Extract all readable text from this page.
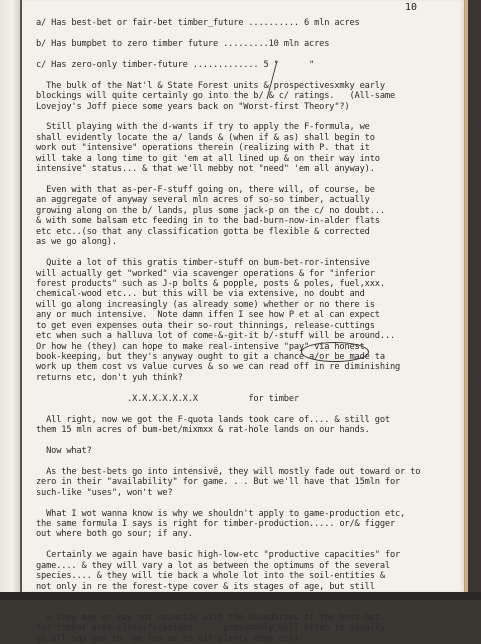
10
a/ Has best-bet or fair-bet timber_future .......... 6 mln acres
b/ Has bumpbet to zero timber future .........10 mln acres
c/ Has zero-only timber-future ............. 5 "      "
The bulk of the Nat'l & State Forest units & prospectivesxmky early
blockings will quite certainly go into the b/ & c/ ratings.   (All-same
Lovejoy's Joff piece some years back on "Worst-first Theory"?)
Still playing with the d-wants if try to apply the F-formula, we
shall evidently locate the a/ lands & (when if & as) shall begin to
work out "intensive" operations therein (realizing with P. that it
will take a long time to git 'em at all lined up & on their way into
intensive" status... & that we'll mebby not "need" 'em all anyway).
Even with that as-per-F-stuff going on, there will, of course, be
an aggregate of anyway several mln acres of so-so timber, actually
growing along on the b/ lands, plus some jack-p on the c/ no doubt...
& with some balsam etc feeding in to the bad-burn-now-in-alder flats
etc etc..(so that any classification gotta be flexible & corrected
as we go along).
Quite a lot of this gratis timber-stuff on bum-bet-ror-intensive
will actually get "worked" via scavenger operations & for "inferior
forest products" such as J-p bolts & popple, posts & poles, fuel,xxx.
chemical-wood etc... but this will be via extensive, no doubt and
will go along increasingly (as already some) whether or no there is
any or much intensive.  Note damn iffen I see how P et al can expect
to get even expenses outa their so-rout thinnings, release-cuttings
etc when such a halluva lot of come-&-git-it b/-stuff will be around...
Or how he (they) can hope to make real-intensive "pay" via honest
book-keeping, but they's anyway ought to git a chance a/or be made ta
work up them cost vs value curves & so we can read off in re diminishing
returns etc, don't yuh think?
.X.X.X.X.X.X.X          for timber
All right, now we got the F-quota lands took care of.... & still got
them 15 mln acres of bum-bet/mixmxx & rat-hole lands on our hands.
Now what?
As the best-bets go into intensivë, they will mostly fade out toward or to
zero in their "availability" for game. . . But we'll have that 15mln for
such-like "uses", won't we?
What I wot wanna know is why we shouldn't apply to game-production etc,
the same formula I says is right for timber-production..... or/& figger
out where both go sour; if any.
Certainly we again have basic high-low-etc "productive capacities" for
game.... & they will vary a lot as between the optimums of the several
species.... & they will tie back a whole lot into the soil-entities &
not only in re the forest-type cover & its stages of age, but still
& they may or may not coincide with the boundaries of the best-bet-
for-timber area-classifications .... presumably will often to usually
go all sqa-gee to 'em (so as to git plenty edge etc).
